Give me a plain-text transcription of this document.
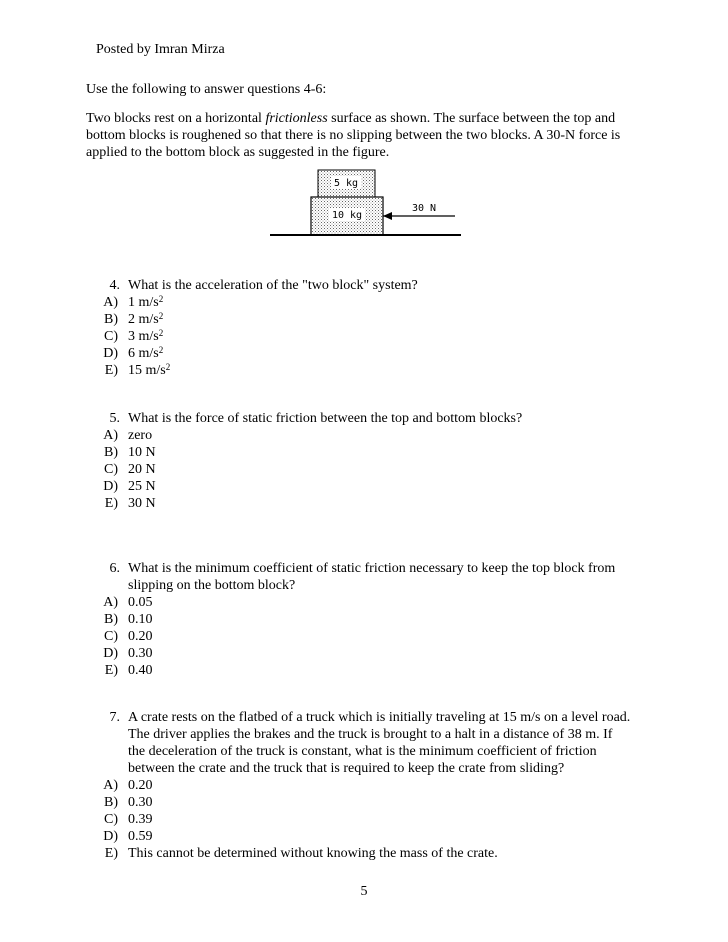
Posted by Imran Mirza
Use the following to answer questions 4-6:
Two blocks rest on a horizontal frictionless surface as shown. The surface between the top and
bottom blocks is roughened so that there is no slipping between the two blocks. A 30-N force is
applied to the bottom block as suggested in the figure.
5 kg
10 kg
30 N
4. What is the acceleration of the "two block" system?
A) 1 $m/s^2$
B) 2 $m/s^2$
C) 3 $m/s^2$
D) 6 $m/s^2$
E) 15 $m/s^2$
5. What is the force of static friction between the top and bottom blocks?
A) zero
B) 10 N
C) 20 N
D) 25 N
E) 30 N
6. What is the minimum coefficient of static friction necessary to keep the top block from
slipping on the bottom block?
A) 0.05
B) 0.10
C) 0.20
D) 0.30
E) 0.40
7. A crate rests on the flatbed of a truck which is initially traveling at 15 m/s on a level road.
The driver applies the brakes and the truck is brought to a halt in a distance of 38 m. If
the deceleration of the truck is constant, what is the minimum coefficient of friction
between the crate and the truck that is required to keep the crate from sliding?
A) 0.20
B) 0.30
C) 0.39
D) 0.59
E) This cannot be determined without knowing the mass of the crate.
5
